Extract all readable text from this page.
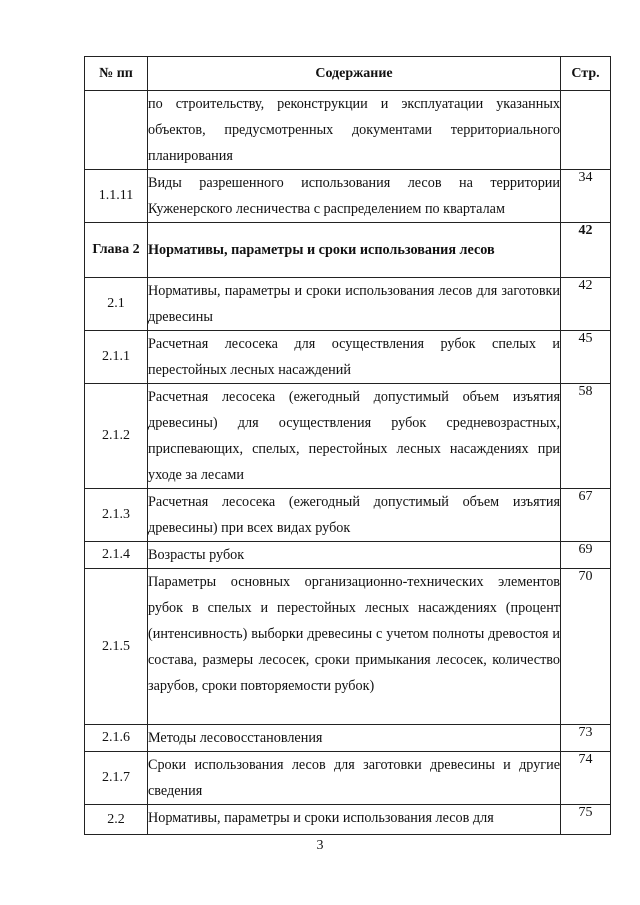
№ пп	Содержание	Стр.
	по строительству, реконструкции и эксплуатации указанных объектов, предусмотренных документами территориального планирования	
1.1.11	Виды разрешенного использования лесов на территории Куженерского лесничества с распределением по кварталам	34
Глава 2	Нормативы, параметры и сроки использования лесов	42
2.1	Нормативы, параметры и сроки использования лесов для заготовки древесины	42
2.1.1	Расчетная лесосека для осуществления рубок спелых и перестойных лесных насаждений	45
2.1.2	Расчетная лесосека (ежегодный допустимый объем изъятия древесины) для осуществления рубок средневозрастных, приспевающих, спелых, перестойных лесных насаждениях при уходе за лесами	58
2.1.3	Расчетная лесосека (ежегодный допустимый объем изъятия древесины) при всех видах рубок	67
2.1.4	Возрасты рубок	69
2.1.5	Параметры основных организационно-технических элементов рубок в спелых и перестойных лесных насаждениях (процент (интенсивность) выборки древесины с учетом полноты древостоя и состава, размеры лесосек, сроки примыкания лесосек, количество зарубов, сроки повторяемости рубок)	70
2.1.6	Методы лесовосстановления	73
2.1.7	Сроки использования лесов для заготовки древесины и другие сведения	74
2.2	Нормативы, параметры и сроки использования лесов для	75
3
